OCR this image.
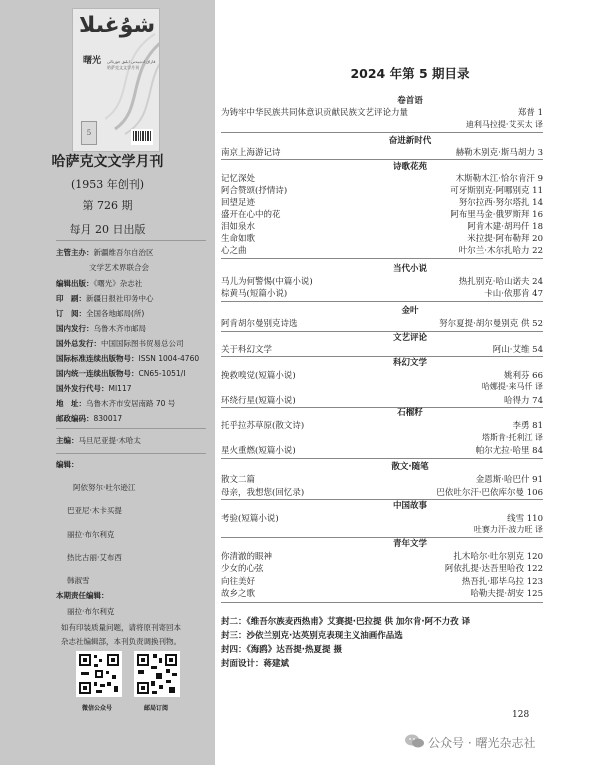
شۇغىلا
曙光 قازاق ادەبيەتى ايلىق جۋرنالى
哈萨克文文学月刊
5
哈萨克文文学月刊
(1953 年创刊)
第 726 期
每月 20 日出版
主管主办：新疆维吾尔自治区
文学艺术界联合会
编辑出版：《曙光》杂志社
印　刷：新疆日报社印务中心
订　阅：全国各地邮局(所)
国内发行：乌鲁木齐市邮局
国外总发行：中国国际图书贸易总公司
国际标准连续出版物号：ISSN 1004-4760
国内统一连续出版物号：CN65-1051/I
国外发行代号：MI117
地　址：乌鲁木齐市安居南路 70 号
邮政编码：830017
主编：马旦尼亚提·木哈太
编辑：
阿依努尔·吐尔逊江
巴亚尼·木卡买提
丽拉·布尔利克
热比古丽·艾布西
韩淑雪
本期责任编辑：
丽拉·布尔利克
如有印装质量问题，请将原刊寄回本
杂志社编辑部，本刊负责调换刊物。
微信公众号	邮局订阅
2024 年第 5 期目录
卷首语
为铸牢中华民族共同体意识贡献民族文艺评论力量	郑普 1
迪利马拉提·艾买太 译
奋进新时代
南京上海游记诗	赫勒木别克·斯马胡力 3
诗歌花苑
记忆深处	木斯勒木江·恰尔肯汗 9
阿合赞颂(抒情诗)	可牙斯别克·阿哪别克 11
回望足迹	努尔拉西·努尔塔扎 14
盛开在心中的花	阿布里马金·俄罗斯拜 16
泪如泉水	阿肯木建·胡玛仟 18
生命如歌	米拉提·阿布勒拜 20
心之曲	叶尔兰·木尔扎哈力 22
当代小说
马儿为何警惕(中篇小说)	热扎别克·哈山诺夫 24
棕黄马(短篇小说)	卡山·依那肯 47
金叶
阿肯胡尔曼别克诗选	努尔夏提·胡尔曼别克 供 52
文艺评论
关于科幻文学	阿山·艾维 54
科幻文学
挽救嗅觉(短篇小说)	姚利芬 66
哈娜提·来马仟 译
环绕行星(短篇小说)	哈得力 74
石榴籽
托乎拉苏草原(散文诗)	李勇 81
塔斯肯·托利江 译
星火重燃(短篇小说)	帕尔尤拉·哈里 84
散文·随笔
散文二篇	金恩斯·哈巴什 91
母亲，我想您(回忆录)	巴依吐尔汗·巴依库尔曼 106
中国故事
考验(短篇小说)	线雪 110
吐赛力汗·波力旺 译
青年文学
你清澈的眼神	扎木哈尔·吐尔别克 120
少女的心弦	阿依扎提·达吾里哈孜 122
向往美好	热吾扎·耶毕乌拉 123
故乡之歌	哈勒夫提·胡安 125
封二：《维吾尔族麦西热甫》艾赛提·巴拉提 供 加尔肯·阿不力孜 译
封三：沙依兰别克·达英别克表现主义油画作品选
封四：《海鸥》达吾提·热夏提 摄
封面设计：蒋建斌
128
公众号 · 曙光杂志社
